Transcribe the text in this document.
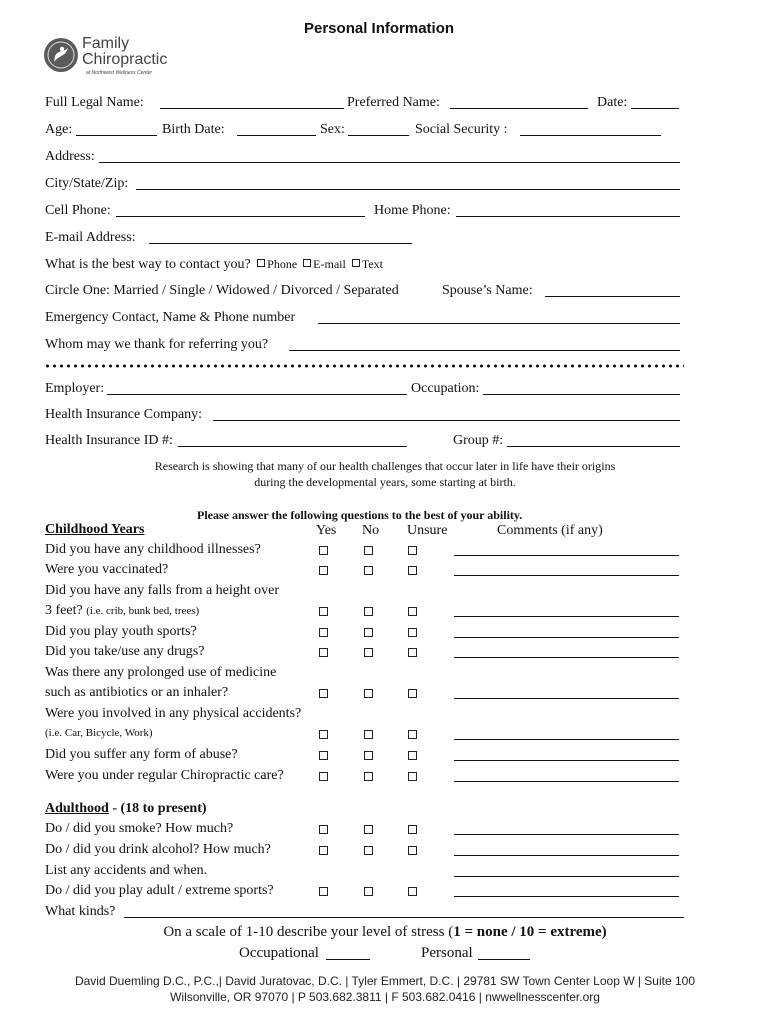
Personal Information
Family
Chiropractic
at Northwest Wellness Center
Full Legal Name:	Preferred Name:	Date:
Age:	Birth Date:	Sex:	Social Security :
Address:
City/State/Zip:
Cell Phone:	Home Phone:
E-mail Address:
What is the best way to contact you? Phone E-mail Text
Circle One: Married / Single / Widowed / Divorced / Separated	Spouse’s Name:
Emergency Contact, Name & Phone number
Whom may we thank for referring you?
Employer:	Occupation:
Health Insurance Company:
Health Insurance ID #:	Group #:
Research is showing that many of our health challenges that occur later in life have their origins
during the developmental years, some starting at birth.
Please answer the following questions to the best of your ability.
Childhood Years	Yes No Unsure	Comments (if any)
Did you have any childhood illnesses?
Were you vaccinated?
Did you have any falls from a height over
3 feet? (i.e. crib, bunk bed, trees)
Did you play youth sports?
Did you take/use any drugs?
Was there any prolonged use of medicine
such as antibiotics or an inhaler?
Were you involved in any physical accidents?
(i.e. Car, Bicycle, Work)
Did you suffer any form of abuse?
Were you under regular Chiropractic care?
Adulthood - (18 to present)
Do / did you smoke? How much?
Do / did you drink alcohol? How much?
List any accidents and when.
Do / did you play adult / extreme sports?
What kinds?
On a scale of 1-10 describe your level of stress (1 = none / 10 = extreme)
Occupational	Personal
David Duemling D.C., P.C.,| David Juratovac, D.C. | Tyler Emmert, D.C. | 29781 SW Town Center Loop W | Suite 100
Wilsonville, OR 97070 | P 503.682.3811 | F 503.682.0416 | nwwellnesscenter.org
